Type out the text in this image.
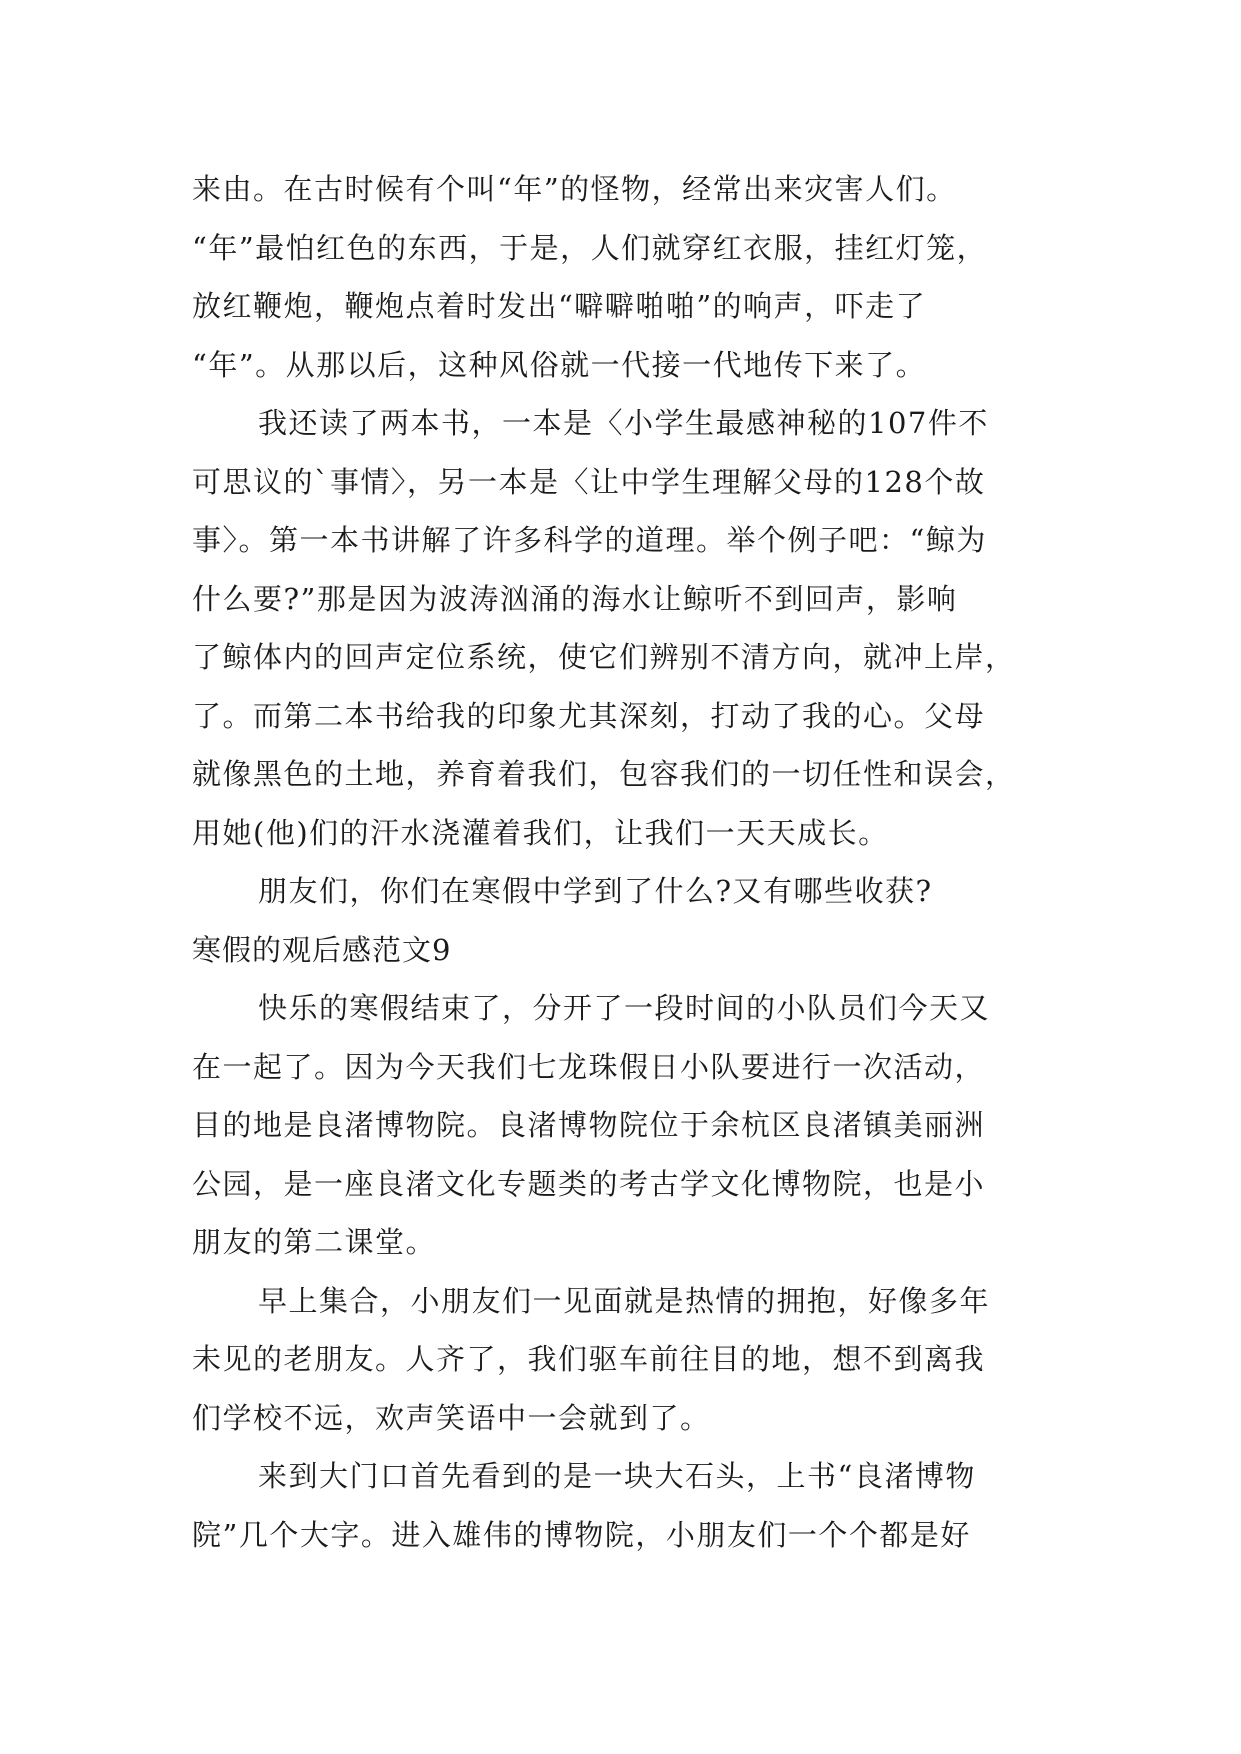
来由。在古时候有个叫“年”的怪物，经常出来灾害人们。
“年”最怕红色的东西，于是，人们就穿红衣服，挂红灯笼，
放红鞭炮，鞭炮点着时发出“噼噼啪啪”的响声，吓走了
“年”。从那以后，这种风俗就一代接一代地传下来了。
我还读了两本书，一本是〈小学生最感神秘的107件不
可思议的`事情〉，另一本是〈让中学生理解父母的128个故
事〉。第一本书讲解了许多科学的道理。举个例子吧：“鲸为
什么要?”那是因为波涛汹涌的海水让鲸听不到回声，影响
了鲸体内的回声定位系统，使它们辨别不清方向，就冲上岸，
了。而第二本书给我的印象尤其深刻，打动了我的心。父母
就像黑色的土地，养育着我们，包容我们的一切任性和误会，
用她(他)们的汗水浇灌着我们，让我们一天天成长。
朋友们，你们在寒假中学到了什么?又有哪些收获?
寒假的观后感范文9
快乐的寒假结束了，分开了一段时间的小队员们今天又
在一起了。因为今天我们七龙珠假日小队要进行一次活动，
目的地是良渚博物院。良渚博物院位于余杭区良渚镇美丽洲
公园，是一座良渚文化专题类的考古学文化博物院，也是小
朋友的第二课堂。
早上集合，小朋友们一见面就是热情的拥抱，好像多年
未见的老朋友。人齐了，我们驱车前往目的地，想不到离我
们学校不远，欢声笑语中一会就到了。
来到大门口首先看到的是一块大石头，上书“良渚博物
院”几个大字。进入雄伟的博物院，小朋友们一个个都是好
